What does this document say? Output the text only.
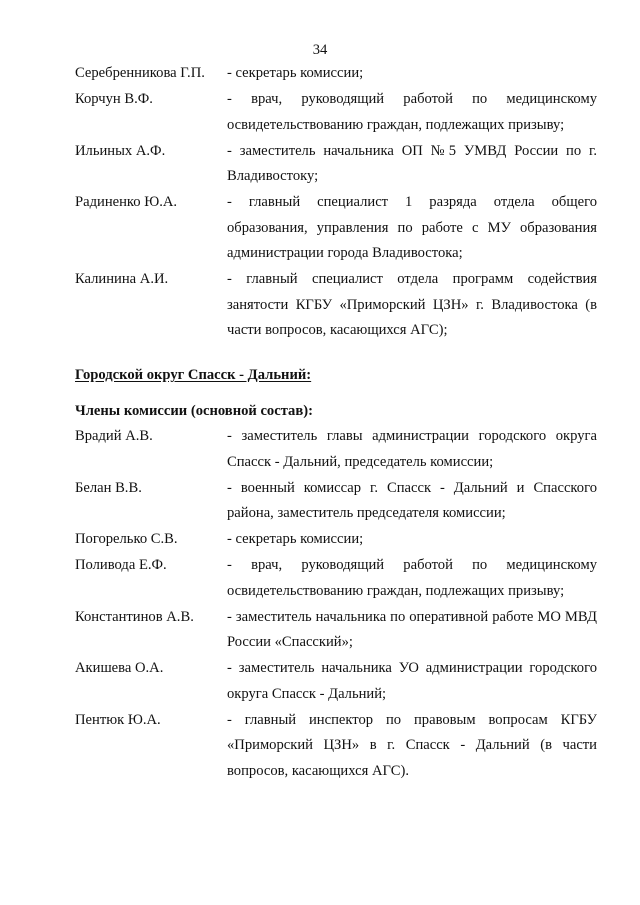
34
Серебренникова Г.П.	- секретарь комиссии;
Корчун В.Ф.	- врач, руководящий работой по медицинскому освидетельствованию граждан, подлежащих призыву;
Ильиных А.Ф.	- заместитель начальника ОП №5 УМВД России по г. Владивостоку;
Радиненко Ю.А.	- главный специалист 1 разряда отдела общего образования, управления по работе с МУ образования администрации города Владивостока;
Калинина А.И.	- главный специалист отдела программ содействия занятости КГБУ «Приморский ЦЗН» г. Владивостока (в части вопросов, касающихся АГС);
Городской округ Спасск - Дальний:
Члены комиссии (основной состав):
Врадий А.В.	- заместитель главы администрации городского округа Спасск - Дальний, председатель комиссии;
Белан В.В.	- военный комиссар г. Спасск - Дальний и Спасского района, заместитель председателя комиссии;
Погорелько С.В.	- секретарь комиссии;
Поливода Е.Ф.	- врач, руководящий работой по медицинскому освидетельствованию граждан, подлежащих призыву;
Константинов А.В.	- заместитель начальника по оперативной работе МО МВД России «Спасский»;
Акишева О.А.	- заместитель начальника УО администрации городского округа Спасск - Дальний;
Пентюк Ю.А.	- главный инспектор по правовым вопросам КГБУ «Приморский ЦЗН» в г. Спасск - Дальний (в части вопросов, касающихся АГС).
